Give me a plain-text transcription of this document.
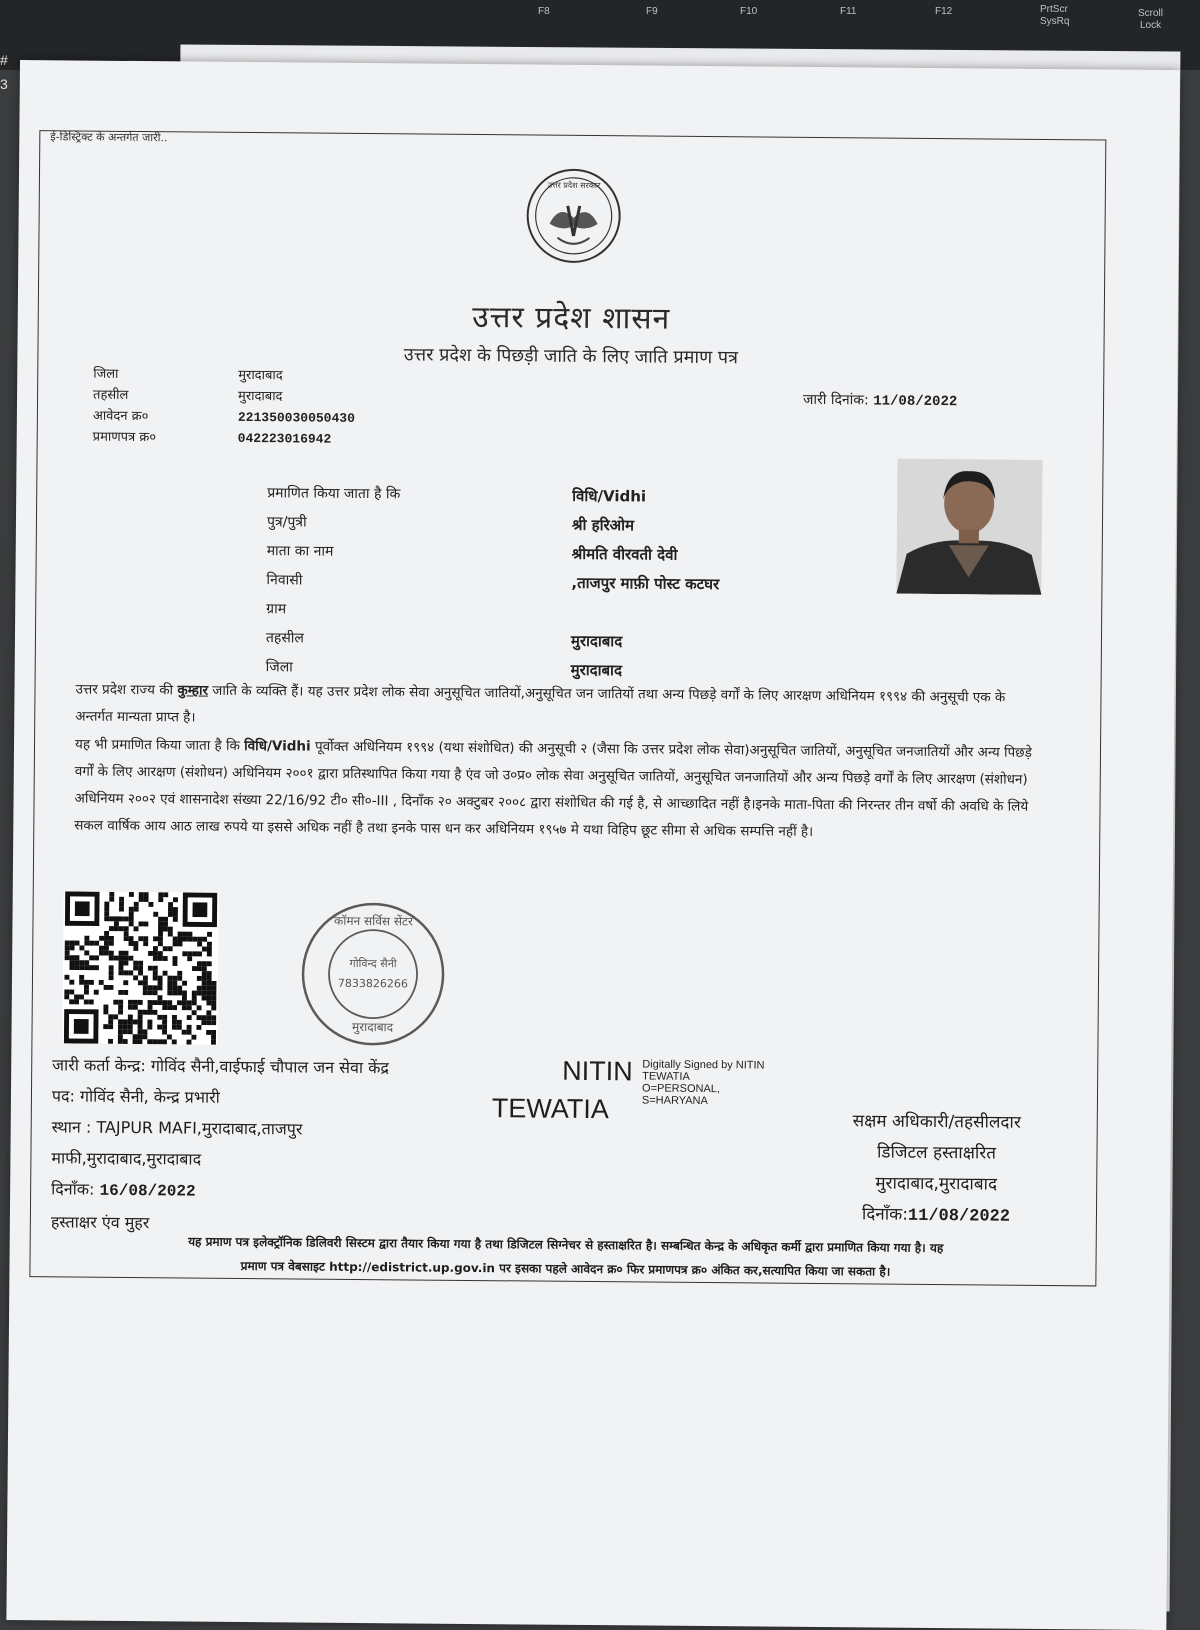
F8	F9	F10	F11	F12	PrtScr
SysRq
Scroll
Lock
#
3
ई-डिस्ट्रिक्ट के अन्तर्गत जारी..
उत्तर प्रदेश सरकार
उत्तर प्रदेश शासन
उत्तर प्रदेश के पिछड़ी जाति के लिए जाति प्रमाण पत्र
जिला	मुरादाबाद
तहसील	मुरादाबाद
आवेदन क्र०	221350030050430
प्रमाणपत्र क्र०	042223016942
जारी दिनांक: 11/08/2022
प्रमाणित किया जाता है कि	विधि/Vidhi
पुत्र/पुत्री	श्री हरिओम
माता का नाम	श्रीमति वीरवती देवी
निवासी	,ताजपुर माफ़ी पोस्ट कटघर
ग्राम
तहसील	मुरादाबाद
जिला	मुरादाबाद
उत्तर प्रदेश राज्य की कुम्हार जाति के व्यक्ति हैं। यह उत्तर प्रदेश लोक सेवा अनुसूचित जातियों,अनुसूचित जन जातियों तथा अन्य पिछड़े वर्गों के लिए आरक्षण अधिनियम १९९४ की अनुसूची एक के अन्तर्गत मान्यता प्राप्त है।
यह भी प्रमाणित किया जाता है कि विधि/Vidhi पूर्वोक्त अधिनियम १९९४ (यथा संशोधित) की अनुसूची २ (जैसा कि उत्तर प्रदेश लोक सेवा)अनुसूचित जातियों, अनुसूचित जनजातियों और अन्य पिछड़े वर्गों के लिए आरक्षण (संशोधन) अधिनियम २००१ द्वारा प्रतिस्थापित किया गया है एंव जो उ०प्र० लोक सेवा अनुसूचित जातियों, अनुसूचित जनजातियों और अन्य पिछड़े वर्गों के लिए आरक्षण (संशोधन) अधिनियम २००२ एवं शासनादेश संख्या 22/16/92 टी० सी०-III , दिनाँक २० अक्टुबर २००८ द्वारा संशोधित की गई है, से आच्छादित नहीं है।इनके माता-पिता की निरन्तर तीन वर्षो की अवधि के लिये सकल वार्षिक आय आठ लाख रुपये या इससे अधिक नहीं है तथा इनके पास धन कर अधिनियम १९५७ मे यथा विहिप छूट सीमा से अधिक सम्पत्ति नहीं है।
कॉमन सर्विस सेंटर
गोविन्द सैनी
7833826266
मुरादाबाद
जारी कर्ता केन्द्र: गोविंद सैनी,वाईफाई चौपाल जन सेवा केंद्र
पद: गोविंद सैनी, केन्द्र प्रभारी
स्थान : TAJPUR MAFI,मुरादाबाद,ताजपुर
माफी,मुरादाबाद,मुरादाबाद
दिनाँक: 16/08/2022
हस्ताक्षर एंव मुहर
NITIN
TEWATIA
Digitally Signed by NITIN
TEWATIA
O=PERSONAL,
S=HARYANA
सक्षम अधिकारी/तहसीलदार
डिजिटल हस्ताक्षरित
मुरादाबाद,मुरादाबाद
दिनाँक:11/08/2022
यह प्रमाण पत्र इलेक्ट्रॉनिक डिलिवरी सिस्टम द्वारा तैयार किया गया है तथा डिजिटल सिग्नेचर से हस्ताक्षरित है। सम्बन्धित केन्द्र के अधिकृत कर्मी द्वारा प्रमाणित किया गया है। यह
प्रमाण पत्र वेबसाइट http://edistrict.up.gov.in पर इसका पहले आवेदन क्र० फिर प्रमाणपत्र क्र० अंकित कर,सत्यापित किया जा सकता है।
